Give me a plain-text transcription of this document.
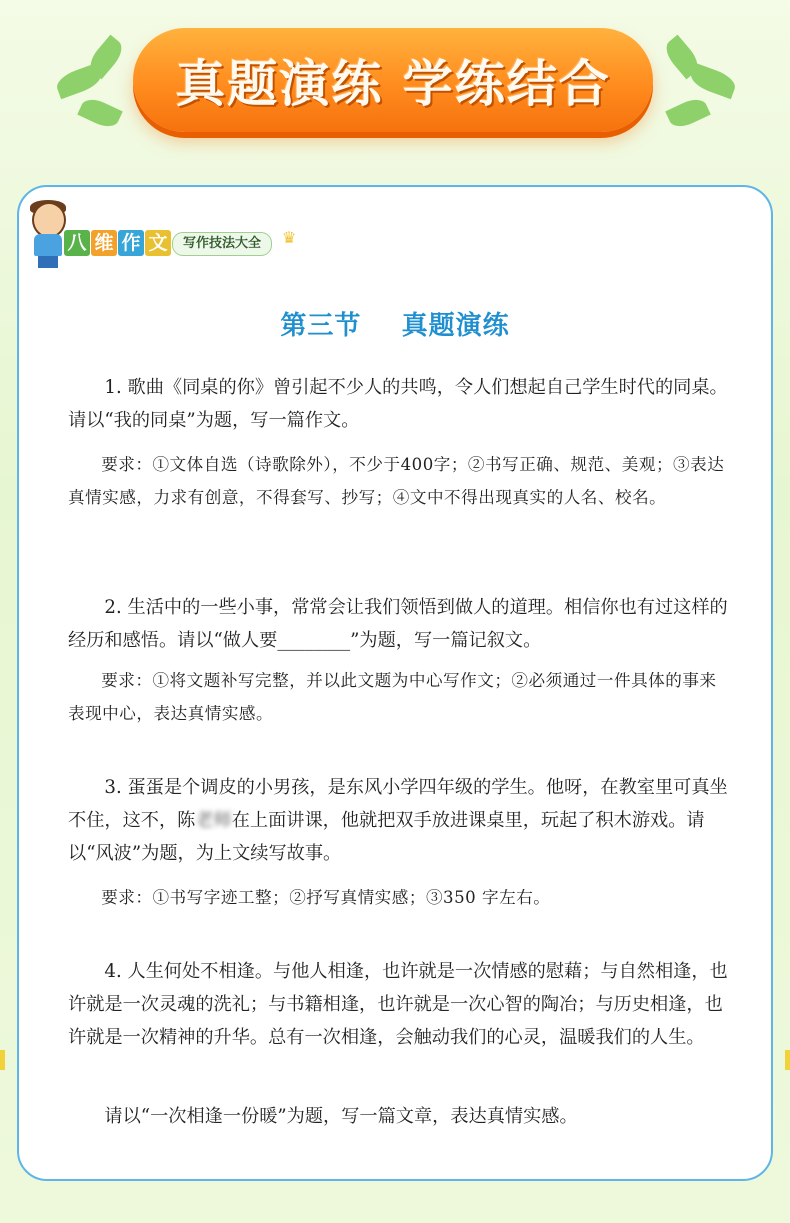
真题演练 学练结合
八 维 作 文	写作技法大全	♛
第三节    真题演练

1. 歌曲《同桌的你》曾引起不少人的共鸣，令人们想起自己学生时代的同桌。请以“我的同桌”为题，写一篇作文。

要求：①文体自选（诗歌除外），不少于400字；②书写正确、规范、美观；③表达真情实感，力求有创意，不得套写、抄写；④文中不得出现真实的人名、校名。

2. 生活中的一些小事，常常会让我们领悟到做人的道理。相信你也有过这样的经历和感悟。请以“做人要________”为题，写一篇记叙文。

要求：①将文题补写完整，并以此文题为中心写作文；②必须通过一件具体的事来表现中心，表达真情实感。

3. 蛋蛋是个调皮的小男孩，是东风小学四年级的学生。他呀，在教室里可真坐不住，这不，陈老师在上面讲课，他就把双手放进课桌里，玩起了积木游戏。请以“风波”为题，为上文续写故事。

要求：①书写字迹工整；②抒写真情实感；③350 字左右。

4. 人生何处不相逢。与他人相逢，也许就是一次情感的慰藉；与自然相逢，也许就是一次灵魂的洗礼；与书籍相逢，也许就是一次心智的陶冶；与历史相逢，也许就是一次精神的升华。总有一次相逢，会触动我们的心灵，温暖我们的人生。

请以“一次相逢一份暖”为题，写一篇文章，表达真情实感。
